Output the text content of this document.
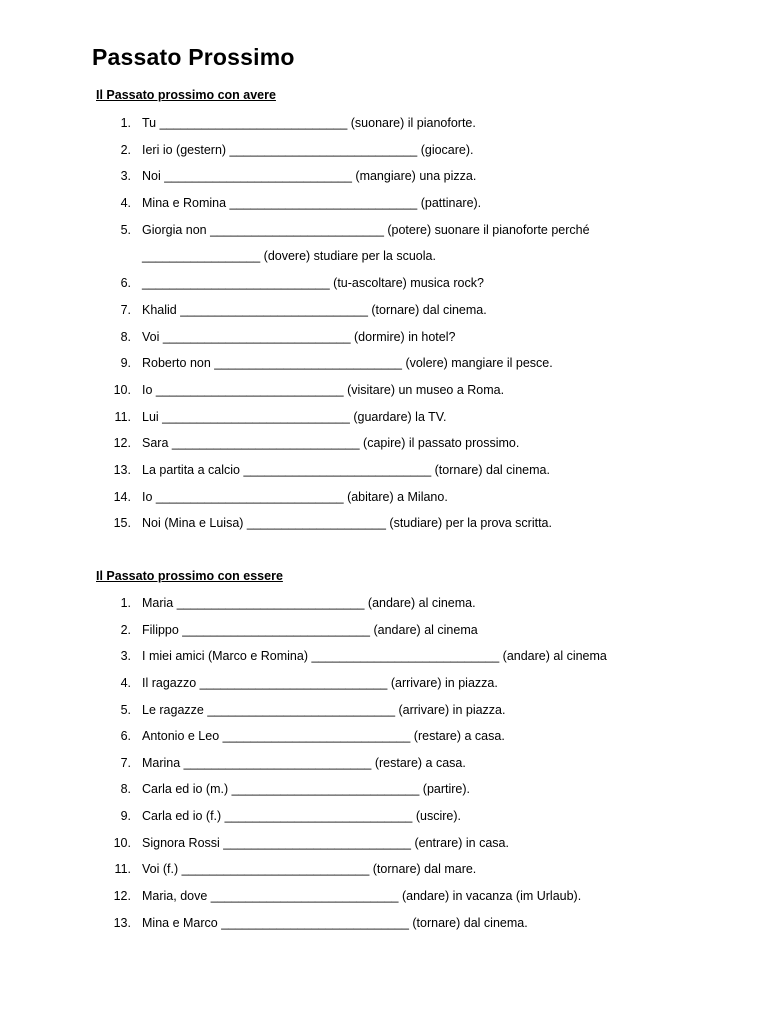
Passato Prossimo
Il Passato prossimo con avere
1. Tu ___________________________ (suonare) il pianoforte.
2. Ieri io (gestern) ___________________________ (giocare).
3. Noi ___________________________ (mangiare) una pizza.
4. Mina e Romina ___________________________ (pattinare).
5. Giorgia non _________________________ (potere) suonare il pianoforte perché
_________________ (dovere) studiare per la scuola.
6. ___________________________ (tu-ascoltare) musica rock?
7. Khalid ___________________________ (tornare) dal cinema.
8. Voi ___________________________ (dormire) in hotel?
9. Roberto non ___________________________ (volere) mangiare il pesce.
10. Io ___________________________ (visitare) un museo a Roma.
11. Lui ___________________________ (guardare) la TV.
12. Sara ___________________________ (capire) il passato prossimo.
13. La partita a calcio ___________________________ (tornare) dal cinema.
14. Io ___________________________ (abitare) a Milano.
15. Noi (Mina e Luisa) ____________________ (studiare) per la prova scritta.
Il Passato prossimo con essere
1. Maria ___________________________ (andare) al cinema.
2. Filippo ___________________________ (andare) al cinema
3. I miei amici (Marco e Romina) ___________________________ (andare) al cinema
4. Il ragazzo ___________________________ (arrivare) in piazza.
5. Le ragazze ___________________________ (arrivare) in piazza.
6. Antonio e Leo ___________________________ (restare) a casa.
7. Marina ___________________________ (restare) a casa.
8. Carla ed io (m.) ___________________________ (partire).
9. Carla ed io (f.) ___________________________ (uscire).
10. Signora Rossi ___________________________ (entrare) in casa.
11. Voi (f.) ___________________________ (tornare) dal mare.
12. Maria, dove ___________________________ (andare) in vacanza (im Urlaub).
13. Mina e Marco ___________________________ (tornare) dal cinema.
